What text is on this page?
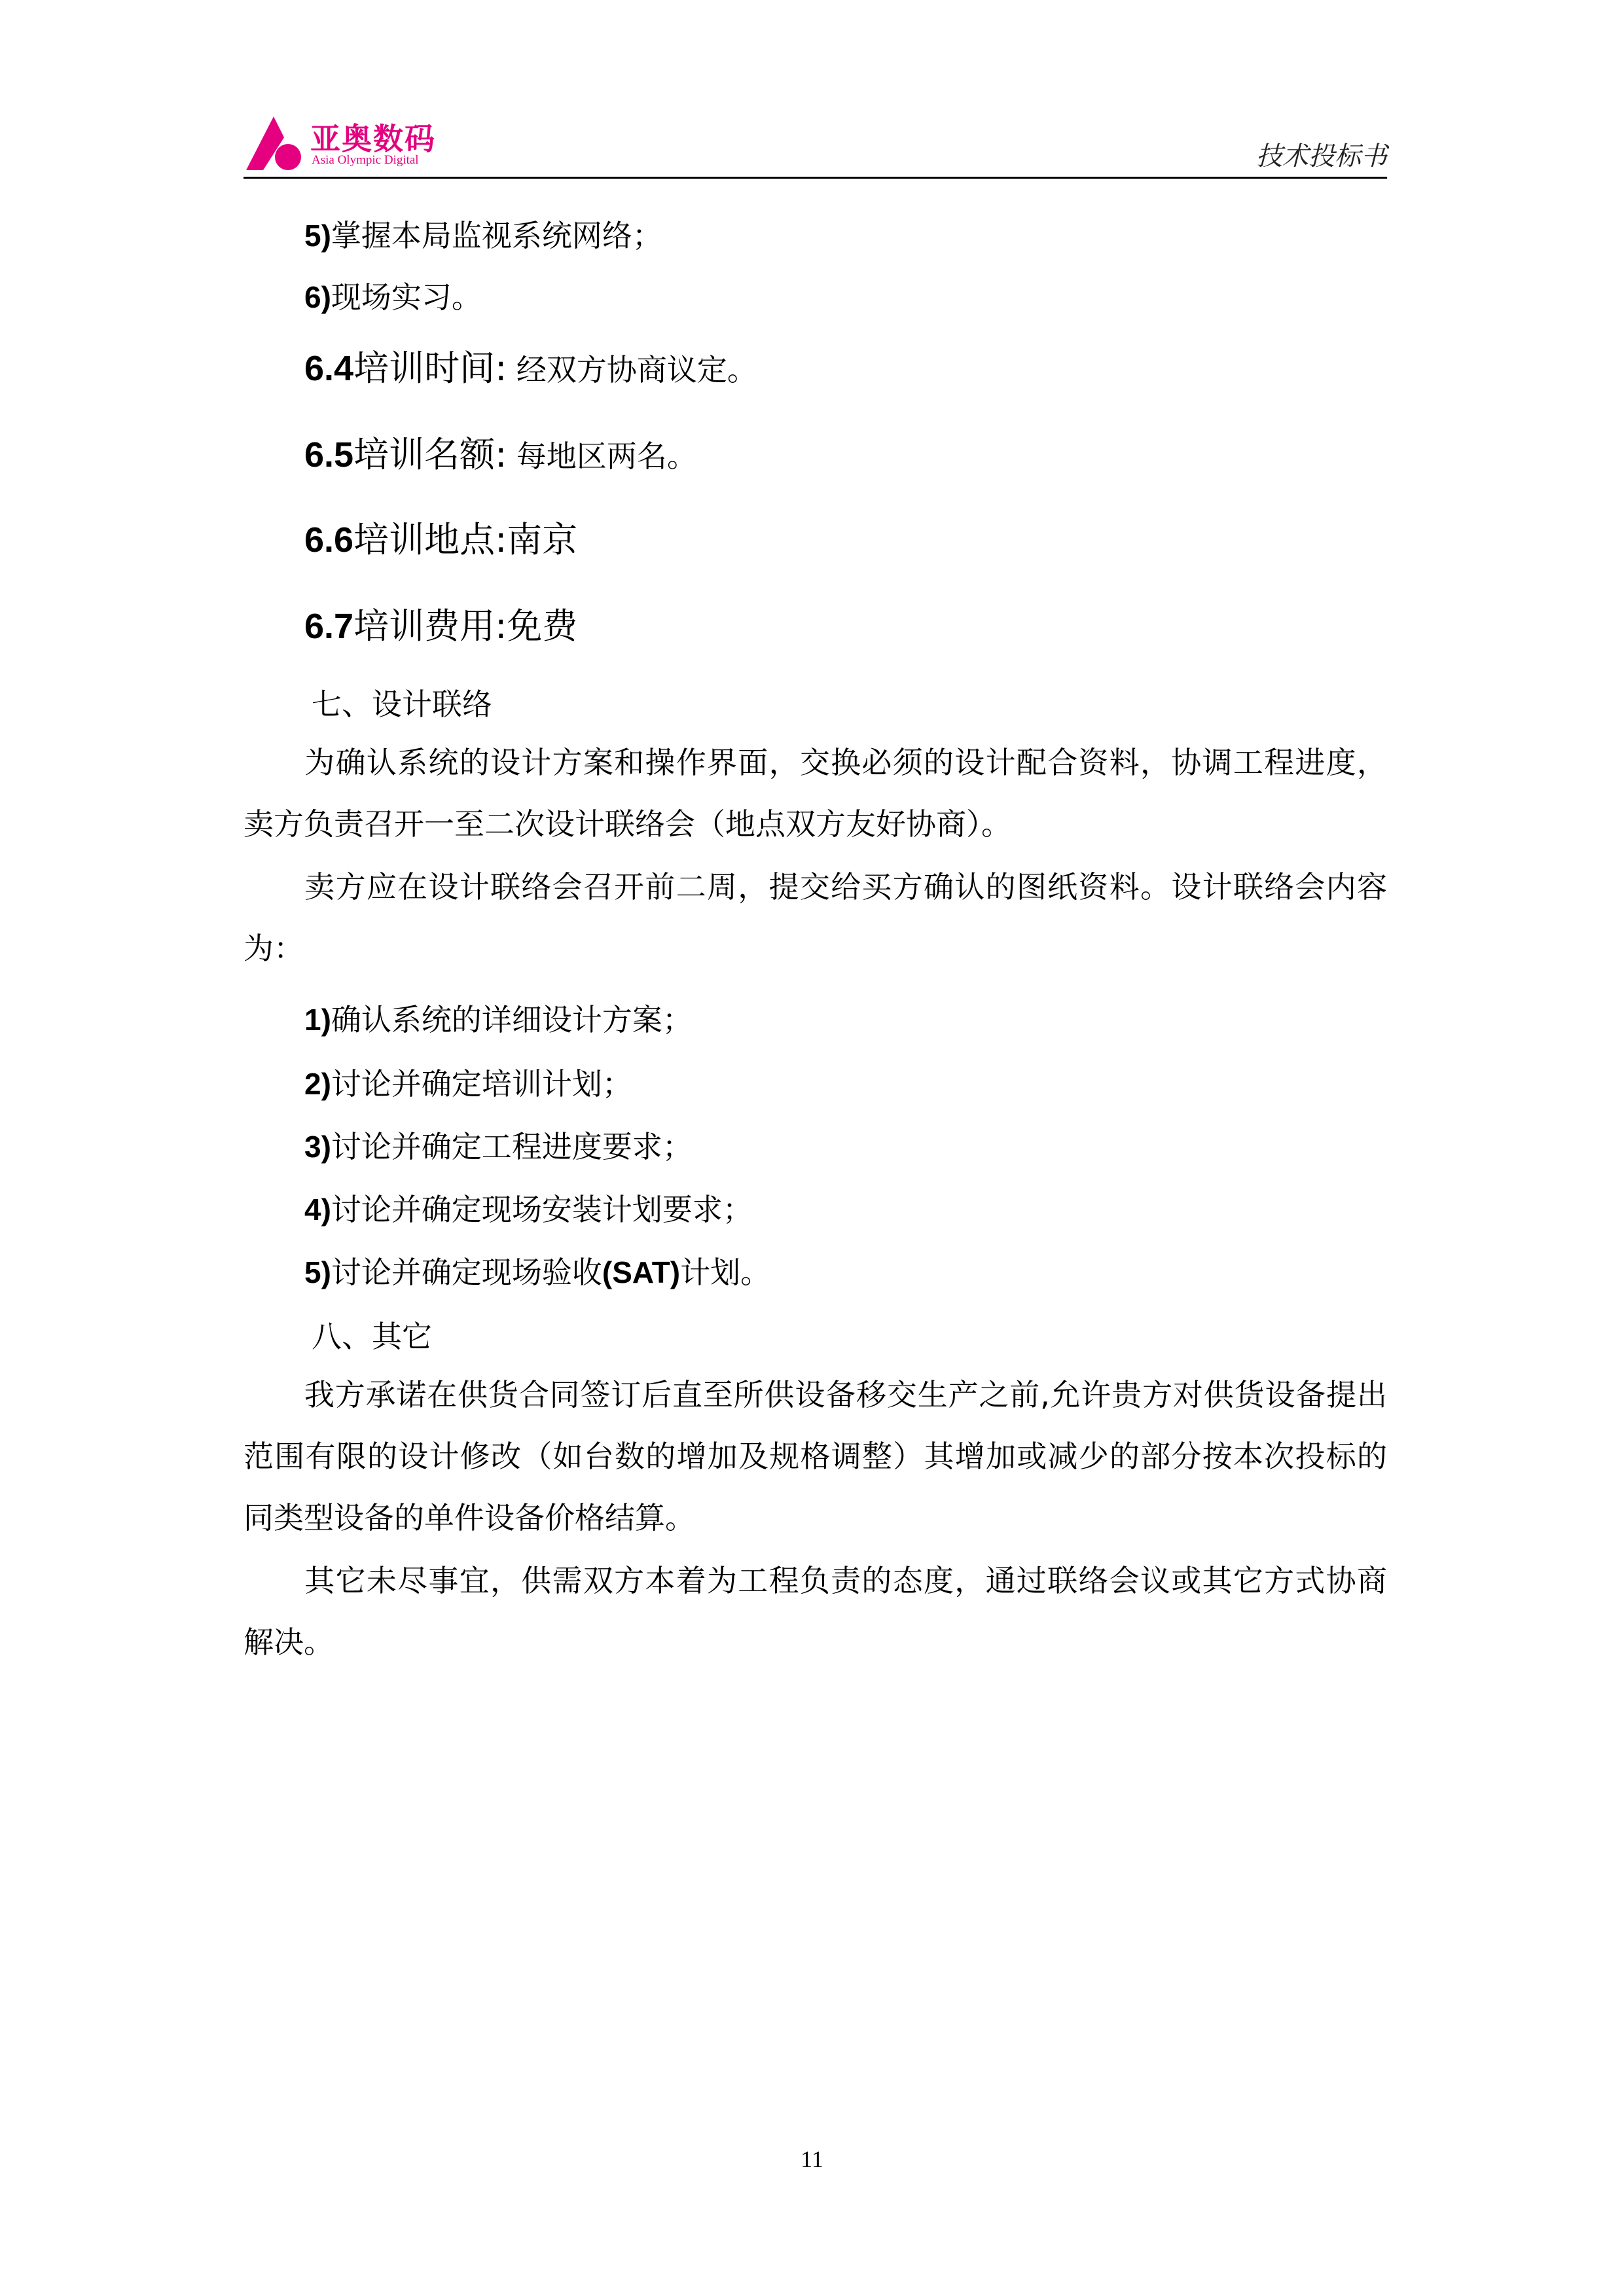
亚奥数码
Asia Olympic Digital	技术投标书
5)掌握本局监视系统网络；
6)现场实习。
6.4培训时间: 经双方协商议定。
6.5培训名额: 每地区两名。
6.6培训地点:南京
6.7培训费用:免费
七、设计联络
为确认系统的设计方案和操作界面，交换必须的设计配合资料，协调工程进度，卖方负责召开一至二次设计联络会（地点双方友好协商）。
卖方应在设计联络会召开前二周，提交给买方确认的图纸资料。设计联络会内容为：
1)确认系统的详细设计方案；
2)讨论并确定培训计划；
3)讨论并确定工程进度要求；
4)讨论并确定现场安装计划要求；
5)讨论并确定现场验收(SAT)计划。
八、其它
我方承诺在供货合同签订后直至所供设备移交生产之前,允许贵方对供货设备提出范围有限的设计修改（如台数的增加及规格调整）其增加或减少的部分按本次投标的同类型设备的单件设备价格结算。
其它未尽事宜，供需双方本着为工程负责的态度，通过联络会议或其它方式协商解决。
11
